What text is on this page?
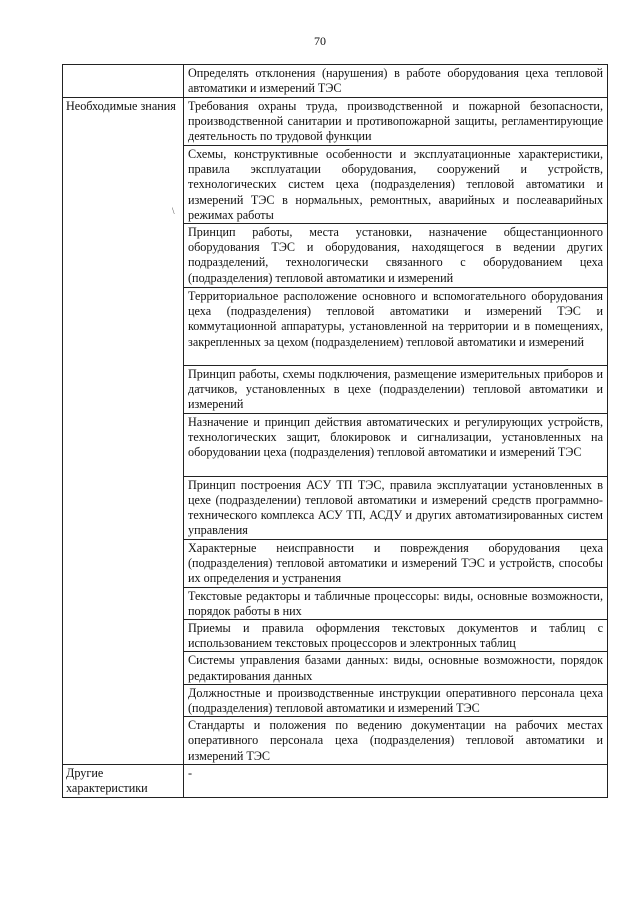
70
\
	Определять отклонения (нарушения) в работе оборудования цеха тепловой автоматики и измерений ТЭС
Необходимые знания	Требования охраны труда, производственной и пожарной безопасности, производственной санитарии и противопожарной защиты, регламентирующие деятельность по трудовой функции
	Схемы, конструктивные особенности и эксплуатационные характеристики, правила эксплуатации оборудования, сооружений и устройств, технологических систем цеха (подразделения) тепловой автоматики и измерений ТЭС в нормальных, ремонтных, аварийных и послеаварийных режимах работы
	Принцип работы, места установки, назначение общестанционного оборудования ТЭС и оборудования, находящегося в ведении других подразделений, технологически связанного с оборудованием цеха (подразделения) тепловой автоматики и измерений
	Территориальное расположение основного и вспомогательного оборудования цеха (подразделения) тепловой автоматики и измерений ТЭС и коммутационной аппаратуры, установленной на территории и в помещениях, закрепленных за цехом (подразделением) тепловой автоматики и измерений
	Принцип работы, схемы подключения, размещение измерительных приборов и датчиков, установленных в цехе (подразделении) тепловой автоматики и измерений
	Назначение и принцип действия автоматических и регулирующих устройств, технологических защит, блокировок и сигнализации, установленных на оборудовании цеха (подразделения) тепловой автоматики и измерений ТЭС
	Принцип построения АСУ ТП ТЭС, правила эксплуатации установленных в цехе (подразделении) тепловой автоматики и измерений средств программно-технического комплекса АСУ ТП, АСДУ и других автоматизированных систем управления
	Характерные неисправности и повреждения оборудования цеха (подразделения) тепловой автоматики и измерений ТЭС и устройств, способы их определения и устранения
	Текстовые редакторы и табличные процессоры: виды, основные возможности, порядок работы в них
	Приемы и правила оформления текстовых документов и таблиц с использованием текстовых процессоров и электронных таблиц
	Системы управления базами данных: виды, основные возможности, порядок редактирования данных
	Должностные и производственные инструкции оперативного персонала цеха (подразделения) тепловой автоматики и измерений ТЭС
	Стандарты и положения по ведению документации на рабочих местах оперативного персонала цеха (подразделения) тепловой автоматики и измерений ТЭС
Другие характеристики	-
